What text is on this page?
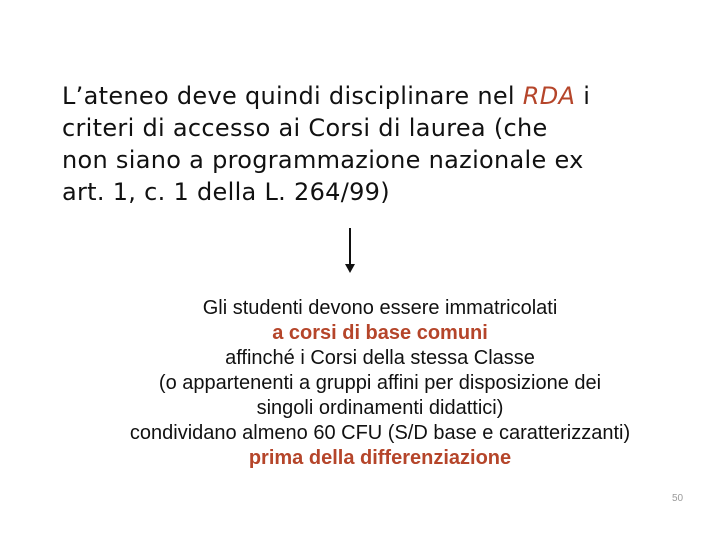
L’ateneo deve quindi disciplinare nel RDA i
criteri di accesso ai Corsi di laurea (che
non siano a programmazione nazionale ex
art. 1, c. 1 della L. 264/99)
Gli studenti devono essere immatricolati
a corsi di base comuni
affinché i Corsi della stessa Classe
(o appartenenti a gruppi affini per disposizione dei
singoli ordinamenti didattici)
condividano almeno 60 CFU (S/D base e caratterizzanti)
prima della differenziazione
50
